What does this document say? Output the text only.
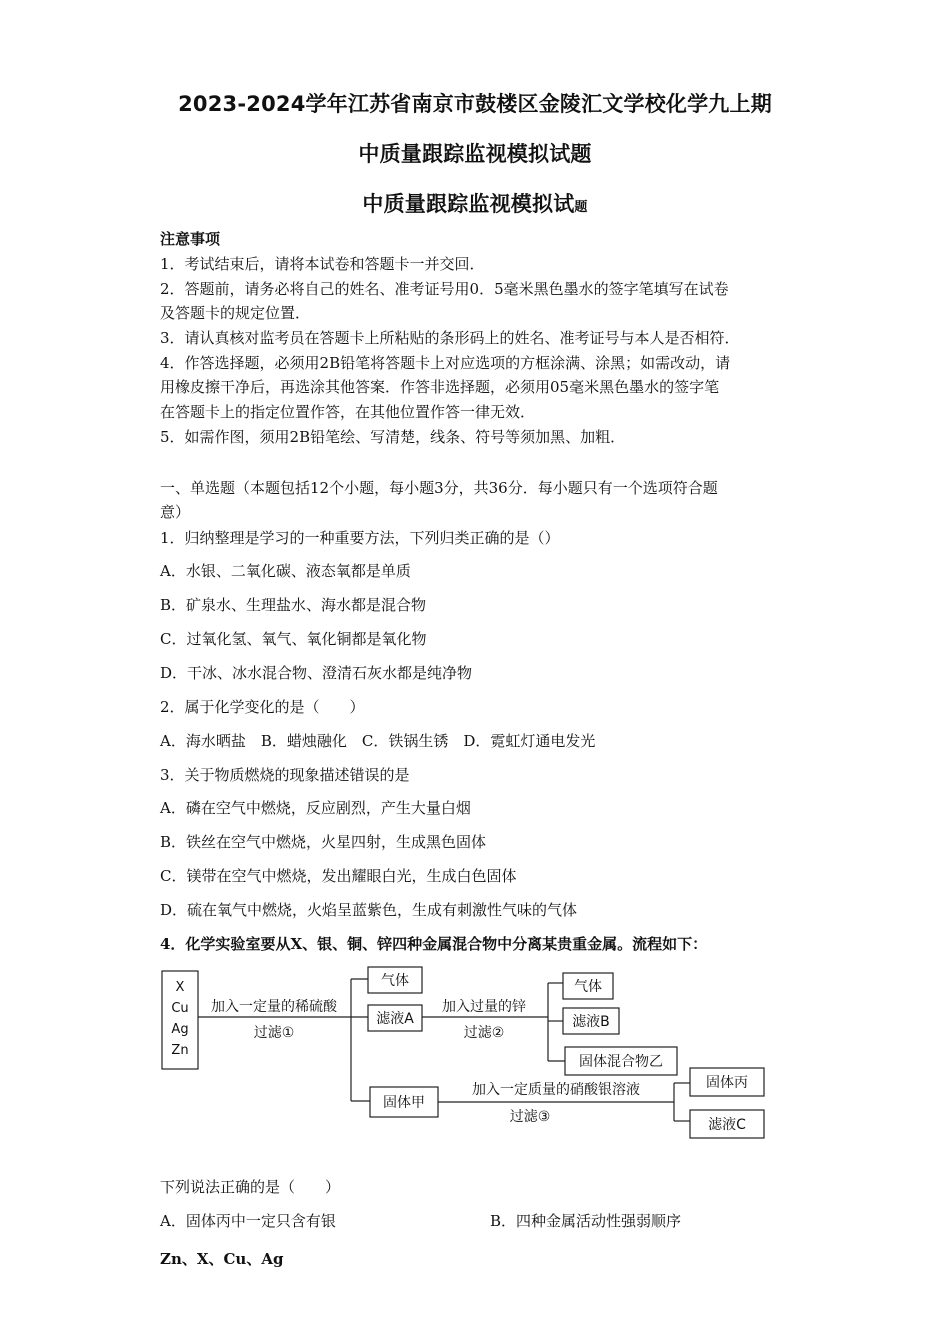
2023-2024学年江苏省南京市鼓楼区金陵汇文学校化学九上期
中质量跟踪监视模拟试题
中质量跟踪监视模拟试题
注意事项
1．考试结束后，请将本试卷和答题卡一并交回．
2．答题前，请务必将自己的姓名、准考证号用0．5毫米黑色墨水的签字笔填写在试卷
及答题卡的规定位置．
3．请认真核对监考员在答题卡上所粘贴的条形码上的姓名、准考证号与本人是否相符．
4．作答选择题，必须用2B铅笔将答题卡上对应选项的方框涂满、涂黑；如需改动，请
用橡皮擦干净后，再选涂其他答案．作答非选择题，必须用05毫米黑色墨水的签字笔
在答题卡上的指定位置作答，在其他位置作答一律无效．
5．如需作图，须用2B铅笔绘、写清楚，线条、符号等须加黑、加粗．
一、单选题（本题包括12个小题，每小题3分，共36分．每小题只有一个选项符合题
意）
1．归纳整理是学习的一种重要方法，下列归类正确的是（）
A．水银、二氧化碳、液态氧都是单质
B．矿泉水、生理盐水、海水都是混合物
C．过氧化氢、氧气、氧化铜都是氧化物
D．干冰、冰水混合物、澄清石灰水都是纯净物
2．属于化学变化的是（　　）
A．海水晒盐　B．蜡烛融化　C．铁锅生锈　D．霓虹灯通电发光
3．关于物质燃烧的现象描述错误的是
A．磷在空气中燃烧，反应剧烈，产生大量白烟
B．铁丝在空气中燃烧，火星四射，生成黑色固体
C．镁带在空气中燃烧，发出耀眼白光，生成白色固体
D．硫在氧气中燃烧，火焰呈蓝紫色，生成有刺激性气味的气体
4．化学实验室要从X、银、铜、锌四种金属混合物中分离某贵重金属。流程如下：
X
Cu
Ag
Zn
加入一定量的稀硫酸
过滤①
气体
滤液A
加入过量的锌
过滤②
气体
滤液B
固体混合物乙
固体甲
加入一定质量的硝酸银溶液
过滤③
固体丙
滤液C
下列说法正确的是（　　）
A．固体丙中一定只含有银	B．四种金属活动性强弱顺序
Zn、X、Cu、Ag
